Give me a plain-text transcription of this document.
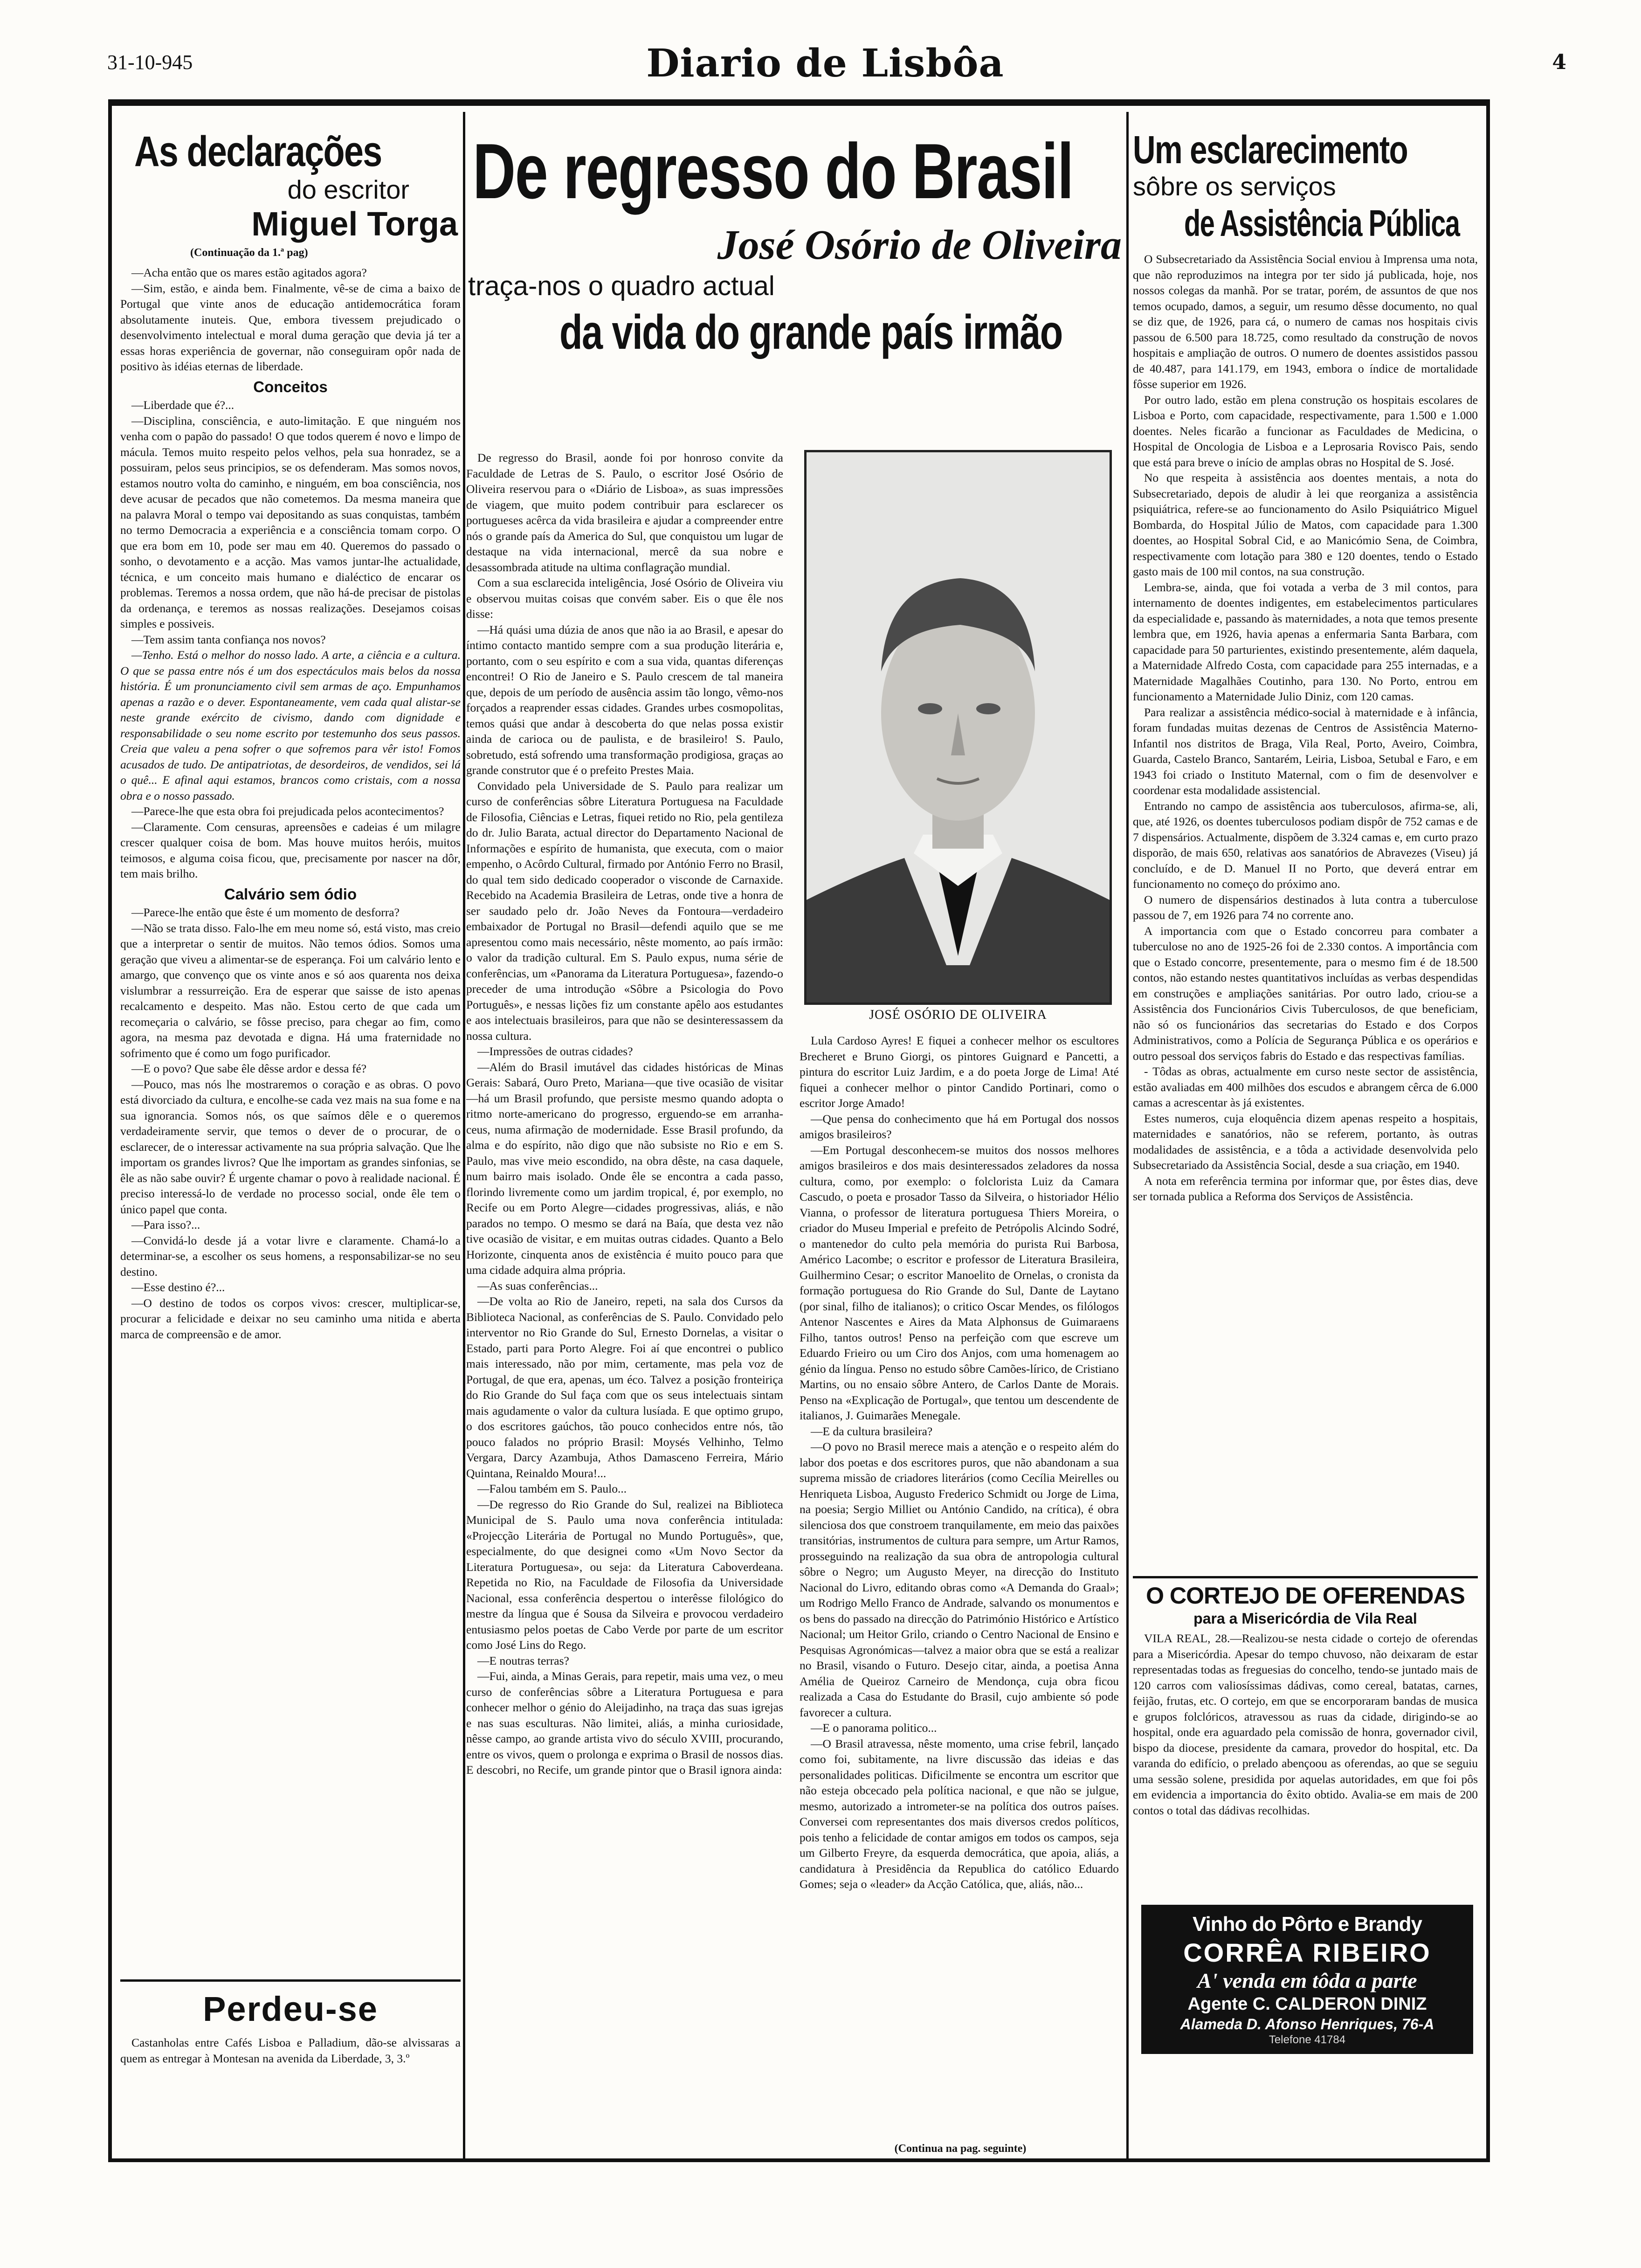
31-10-945	Diario de Lisbôa	4
As declarações
do escritor
Miguel Torga
(Continuação da 1.ª pag)

—Acha então que os mares estão agitados agora?

—Sim, estão, e ainda bem. Finalmente, vê-se de cima a baixo de Portugal que vinte anos de educação antidemocrática foram absolutamente inuteis. Que, embora tivessem prejudicado o desenvolvimento intelectual e moral duma geração que devia já ter a essas horas experiência de governar, não conseguiram opôr nada de positivo às idéias eternas de liberdade.

Conceitos

—Liberdade que é?...

—Disciplina, consciência, e auto-limitação. E que ninguém nos venha com o papão do passado! O que todos querem é novo e limpo de mácula. Temos muito respeito pelos velhos, pela sua honradez, se a possuiram, pelos seus principios, se os defenderam. Mas somos novos, estamos noutro volta do caminho, e ninguém, em boa consciência, nos deve acusar de pecados que não cometemos. Da mesma maneira que na palavra Moral o tempo vai depositando as suas conquistas, também no termo Democracia a experiência e a consciência tomam corpo. O que era bom em 10, pode ser mau em 40. Queremos do passado o sonho, o devotamento e a acção. Mas vamos juntar-lhe actualidade, técnica, e um conceito mais humano e dialéctico de encarar os problemas. Teremos a nossa ordem, que não há-de precisar de pistolas da ordenança, e teremos as nossas realizações. Desejamos coisas simples e possiveis.

—Tem assim tanta confiança nos novos?

—Tenho. Está o melhor do nosso lado. A arte, a ciência e a cultura. O que se passa entre nós é um dos espectáculos mais belos da nossa história. É um pronunciamento civil sem armas de aço. Empunhamos apenas a razão e o dever. Espontaneamente, vem cada qual alistar-se neste grande exército de civismo, dando com dignidade e responsabilidade o seu nome escrito por testemunho dos seus passos. Creia que valeu a pena sofrer o que sofremos para vêr isto! Fomos acusados de tudo. De antipatriotas, de desordeiros, de vendidos, sei lá o quê... E afinal aqui estamos, brancos como cristais, com a nossa obra e o nosso passado.

—Parece-lhe que esta obra foi prejudicada pelos acontecimentos?

—Claramente. Com censuras, apreensões e cadeias é um milagre crescer qualquer coisa de bom. Mas houve muitos heróis, muitos teimosos, e alguma coisa ficou, que, precisamente por nascer na dôr, tem mais brilho.

Calvário sem ódio

—Parece-lhe então que êste é um momento de desforra?

—Não se trata disso. Falo-lhe em meu nome só, está visto, mas creio que a interpretar o sentir de muitos. Não temos ódios. Somos uma geração que viveu a alimentar-se de esperança. Foi um calvário lento e amargo, que convenço que os vinte anos e só aos quarenta nos deixa vislumbrar a ressurreição. Era de esperar que saisse de isto apenas recalcamento e despeito. Mas não. Estou certo de que cada um recomeçaria o calvário, se fôsse preciso, para chegar ao fim, como agora, na mesma paz devotada e digna. Há uma fraternidade no sofrimento que é como um fogo purificador.

—E o povo? Que sabe êle dêsse ardor e dessa fé?

—Pouco, mas nós lhe mostraremos o coração e as obras. O povo está divorciado da cultura, e encolhe-se cada vez mais na sua fome e na sua ignorancia. Somos nós, os que saímos dêle e o queremos verdadeiramente servir, que temos o dever de o procurar, de o esclarecer, de o interessar activamente na sua própria salvação. Que lhe importam os grandes livros? Que lhe importam as grandes sinfonias, se êle as não sabe ouvir? É urgente chamar o povo à realidade nacional. É preciso interessá-lo de verdade no processo social, onde êle tem o único papel que conta.

—Para isso?...

—Convidá-lo desde já a votar livre e claramente. Chamá-lo a determinar-se, a escolher os seus homens, a responsabilizar-se no seu destino.

—Esse destino é?...

—O destino de todos os corpos vivos: crescer, multiplicar-se, procurar a felicidade e deixar no seu caminho uma nitida e aberta marca de compreensão e de amor.

Perdeu-se
Castanholas entre Cafés Lisboa e Palladium, dão-se alvissaras a quem as entregar à Montesan na avenida da Liberdade, 3, 3.º
De regresso do Brasil
José Osório de Oliveira
traça-nos o quadro actual
da vida do grande país irmão

De regresso do Brasil, aonde foi por honroso convite da Faculdade de Letras de S. Paulo, o escritor José Osório de Oliveira reservou para o «Diário de Lisboa», as suas impressões de viagem, que muito podem contribuir para esclarecer os portugueses acêrca da vida brasileira e ajudar a compreender entre nós o grande país da America do Sul, que conquistou um lugar de destaque na vida internacional, mercê da sua nobre e desassombrada atitude na ultima conflagração mundial.

Com a sua esclarecida inteligência, José Osório de Oliveira viu e observou muitas coisas que convém saber. Eis o que êle nos disse:

—Há quási uma dúzia de anos que não ia ao Brasil, e apesar do íntimo contacto mantido sempre com a sua produção literária e, portanto, com o seu espírito e com a sua vida, quantas diferenças encontrei! O Rio de Janeiro e S. Paulo crescem de tal maneira que, depois de um período de ausência assim tão longo, vêmo-nos forçados a reaprender essas cidades. Grandes urbes cosmopolitas, temos quási que andar à descoberta do que nelas possa existir ainda de carioca ou de paulista, e de brasileiro! S. Paulo, sobretudo, está sofrendo uma transformação prodigiosa, graças ao grande construtor que é o prefeito Prestes Maia.

Convidado pela Universidade de S. Paulo para realizar um curso de conferências sôbre Literatura Portuguesa na Faculdade de Filosofia, Ciências e Letras, fiquei retido no Rio, pela gentileza do dr. Julio Barata, actual director do Departamento Nacional de Informações e espírito de humanista, que executa, com o maior empenho, o Acôrdo Cultural, firmado por António Ferro no Brasil, do qual tem sido dedicado cooperador o visconde de Carnaxide. Recebido na Academia Brasileira de Letras, onde tive a honra de ser saudado pelo dr. João Neves da Fontoura—verdadeiro embaixador de Portugal no Brasil—defendi aquilo que se me apresentou como mais necessário, nêste momento, ao país irmão: o valor da tradição cultural. Em S. Paulo expus, numa série de conferências, um «Panorama da Literatura Portuguesa», fazendo-o preceder de uma introdução «Sôbre a Psicologia do Povo Português», e nessas lições fiz um constante apêlo aos estudantes e aos intelectuais brasileiros, para que não se desinteressassem da nossa cultura.

—Impressões de outras cidades?

—Além do Brasil imutável das cidades históricas de Minas Gerais: Sabará, Ouro Preto, Mariana—que tive ocasião de visitar—há um Brasil profundo, que persiste mesmo quando adopta o ritmo norte-americano do progresso, erguendo-se em arranha-ceus, numa afirmação de modernidade. Esse Brasil profundo, da alma e do espírito, não digo que não subsiste no Rio e em S. Paulo, mas vive meio escondido, na obra dêste, na casa daquele, num bairro mais isolado. Onde êle se encontra a cada passo, florindo livremente como um jardim tropical, é, por exemplo, no Recife ou em Porto Alegre—cidades progressivas, aliás, e não parados no tempo. O mesmo se dará na Baía, que desta vez não tive ocasião de visitar, e em muitas outras cidades. Quanto a Belo Horizonte, cinquenta anos de existência é muito pouco para que uma cidade adquira alma própria.

—As suas conferências...

—De volta ao Rio de Janeiro, repeti, na sala dos Cursos da Biblioteca Nacional, as conferências de S. Paulo. Convidado pelo interventor no Rio Grande do Sul, Ernesto Dornelas, a visitar o Estado, parti para Porto Alegre. Foi aí que encontrei o publico mais interessado, não por mim, certamente, mas pela voz de Portugal, de que era, apenas, um éco. Talvez a posição fronteiriça do Rio Grande do Sul faça com que os seus intelectuais sintam mais agudamente o valor da cultura lusíada. E que optimo grupo, o dos escritores gaúchos, tão pouco conhecidos entre nós, tão pouco falados no próprio Brasil: Moysés Velhinho, Telmo Vergara, Darcy Azambuja, Athos Damasceno Ferreira, Mário Quintana, Reinaldo Moura!...

—Falou também em S. Paulo...

—De regresso do Rio Grande do Sul, realizei na Biblioteca Municipal de S. Paulo uma nova conferência intitulada: «Projecção Literária de Portugal no Mundo Português», que, especialmente, do que designei como «Um Novo Sector da Literatura Portuguesa», ou seja: da Literatura Caboverdeana. Repetida no Rio, na Faculdade de Filosofia da Universidade Nacional, essa conferência despertou o interêsse filológico do mestre da língua que é Sousa da Silveira e provocou verdadeiro entusiasmo pelos poetas de Cabo Verde por parte de um escritor como José Lins do Rego.

—E noutras terras?

—Fui, ainda, a Minas Gerais, para repetir, mais uma vez, o meu curso de conferências sôbre a Literatura Portuguesa e para conhecer melhor o génio do Aleijadinho, na traça das suas igrejas e nas suas esculturas. Não limitei, aliás, a minha curiosidade, nêsse campo, ao grande artista vivo do século XVIII, procurando, entre os vivos, quem o prolonga e exprima o Brasil de nossos dias. E descobri, no Recife, um grande pintor que o Brasil ignora ainda:

JOSÉ OSÓRIO DE OLIVEIRA

Lula Cardoso Ayres! E fiquei a conhecer melhor os escultores Brecheret e Bruno Giorgi, os pintores Guignard e Pancetti, a pintura do escritor Luiz Jardim, e a do poeta Jorge de Lima! Até fiquei a conhecer melhor o pintor Candido Portinari, como o escritor Jorge Amado!

—Que pensa do conhecimento que há em Portugal dos nossos amigos brasileiros?

—Em Portugal desconhecem-se muitos dos nossos melhores amigos brasileiros e dos mais desinteressados zeladores da nossa cultura, como, por exemplo: o folclorista Luiz da Camara Cascudo, o poeta e prosador Tasso da Silveira, o historiador Hélio Vianna, o professor de literatura portuguesa Thiers Moreira, o criador do Museu Imperial e prefeito de Petrópolis Alcindo Sodré, o mantenedor do culto pela memória do purista Rui Barbosa, Américo Lacombe; o escritor e professor de Literatura Brasileira, Guilhermino Cesar; o escritor Manoelito de Ornelas, o cronista da formação portuguesa do Rio Grande do Sul, Dante de Laytano (por sinal, filho de italianos); o critico Oscar Mendes, os filólogos Antenor Nascentes e Aires da Mata Alphonsus de Guimaraens Filho, tantos outros! Penso na perfeição com que escreve um Eduardo Frieiro ou um Ciro dos Anjos, com uma homenagem ao génio da língua. Penso no estudo sôbre Camões-lírico, de Cristiano Martins, ou no ensaio sôbre Antero, de Carlos Dante de Morais. Penso na «Explicação de Portugal», que tentou um descendente de italianos, J. Guimarães Menegale.

—E da cultura brasileira?

—O povo no Brasil merece mais a atenção e o respeito além do labor dos poetas e dos escritores puros, que não abandonam a sua suprema missão de criadores literários (como Cecília Meirelles ou Henriqueta Lisboa, Augusto Frederico Schmidt ou Jorge de Lima, na poesia; Sergio Milliet ou António Candido, na crítica), é obra silenciosa dos que constroem tranquilamente, em meio das paixões transitórias, instrumentos de cultura para sempre, um Artur Ramos, prosseguindo na realização da sua obra de antropologia cultural sôbre o Negro; um Augusto Meyer, na direcção do Instituto Nacional do Livro, editando obras como «A Demanda do Graal»; um Rodrigo Mello Franco de Andrade, salvando os monumentos e os bens do passado na direcção do Património Histórico e Artístico Nacional; um Heitor Grilo, criando o Centro Nacional de Ensino e Pesquisas Agronómicas—talvez a maior obra que se está a realizar no Brasil, visando o Futuro. Desejo citar, ainda, a poetisa Anna Amélia de Queiroz Carneiro de Mendonça, cuja obra ficou realizada a Casa do Estudante do Brasil, cujo ambiente só pode favorecer a cultura.

—E o panorama politico...

—O Brasil atravessa, nêste momento, uma crise febril, lançado como foi, subitamente, na livre discussão das ideias e das personalidades politicas. Dificilmente se encontra um escritor que não esteja obcecado pela política nacional, e que não se julgue, mesmo, autorizado a intrometer-se na política dos outros países. Conversei com representantes dos mais diversos credos políticos, pois tenho a felicidade de contar amigos em todos os campos, seja um Gilberto Freyre, da esquerda democrática, que apoia, aliás, a candidatura à Presidência da Republica do católico Eduardo Gomes; seja o «leader» da Acção Católica, que, aliás, não...

(Continua na pag. seguinte)
Um esclarecimento
sôbre os serviços
de Assistência Pública

O Subsecretariado da Assistência Social enviou à Imprensa uma nota, que não reproduzimos na integra por ter sido já publicada, hoje, nos nossos colegas da manhã. Por se tratar, porém, de assuntos de que nos temos ocupado, damos, a seguir, um resumo dêsse documento, no qual se diz que, de 1926, para cá, o numero de camas nos hospitais civis passou de 6.500 para 18.725, como resultado da construção de novos hospitais e ampliação de outros. O numero de doentes assistidos passou de 40.487, para 141.179, em 1943, embora o índice de mortalidade fôsse superior em 1926.

Por outro lado, estão em plena construção os hospitais escolares de Lisboa e Porto, com capacidade, respectivamente, para 1.500 e 1.000 doentes. Neles ficarão a funcionar as Faculdades de Medicina, o Hospital de Oncologia de Lisboa e a Leprosaria Rovisco Pais, sendo que está para breve o início de amplas obras no Hospital de S. José.

No que respeita à assistência aos doentes mentais, a nota do Subsecretariado, depois de aludir à lei que reorganiza a assistência psiquiátrica, refere-se ao funcionamento do Asilo Psiquiátrico Miguel Bombarda, do Hospital Júlio de Matos, com capacidade para 1.300 doentes, ao Hospital Sobral Cid, e ao Manicómio Sena, de Coimbra, respectivamente com lotação para 380 e 120 doentes, tendo o Estado gasto mais de 100 mil contos, na sua construção.

Lembra-se, ainda, que foi votada a verba de 3 mil contos, para internamento de doentes indigentes, em estabelecimentos particulares da especialidade e, passando às maternidades, a nota que temos presente lembra que, em 1926, havia apenas a enfermaria Santa Barbara, com capacidade para 50 parturientes, existindo presentemente, além daquela, a Maternidade Alfredo Costa, com capacidade para 255 internadas, e a Maternidade Magalhães Coutinho, para 130. No Porto, entrou em funcionamento a Maternidade Julio Diniz, com 120 camas.

Para realizar a assistência médico-social à maternidade e à infância, foram fundadas muitas dezenas de Centros de Assistência Materno-Infantil nos distritos de Braga, Vila Real, Porto, Aveiro, Coimbra, Guarda, Castelo Branco, Santarém, Leiria, Lisboa, Setubal e Faro, e em 1943 foi criado o Instituto Maternal, com o fim de desenvolver e coordenar esta modalidade assistencial.

Entrando no campo de assistência aos tuberculosos, afirma-se, ali, que, até 1926, os doentes tuberculosos podiam dispôr de 752 camas e de 7 dispensários. Actualmente, dispõem de 3.324 camas e, em curto prazo disporão, de mais 650, relativas aos sanatórios de Abravezes (Viseu) já concluído, e de D. Manuel II no Porto, que deverá entrar em funcionamento no começo do próximo ano.

O numero de dispensários destinados à luta contra a tuberculose passou de 7, em 1926 para 74 no corrente ano.

A importancia com que o Estado concorreu para combater a tuberculose no ano de 1925-26 foi de 2.330 contos. A importância com que o Estado concorre, presentemente, para o mesmo fim é de 18.500 contos, não estando nestes quantitativos incluídas as verbas despendidas em construções e ampliações sanitárias. Por outro lado, criou-se a Assistência dos Funcionários Civis Tuberculosos, de que beneficiam, não só os funcionários das secretarias do Estado e dos Corpos Administrativos, como a Polícia de Segurança Pública e os operários e outro pessoal dos serviços fabris do Estado e das respectivas famílias.

- Tôdas as obras, actualmente em curso neste sector de assistência, estão avaliadas em 400 milhões dos escudos e abrangem cêrca de 6.000 camas a acrescentar às já existentes.

Estes numeros, cuja eloquência dizem apenas respeito a hospitais, maternidades e sanatórios, não se referem, portanto, às outras modalidades de assistência, e a tôda a actividade desenvolvida pelo Subsecretariado da Assistência Social, desde a sua criação, em 1940.

A nota em referência termina por informar que, por êstes dias, deve ser tornada publica a Reforma dos Serviços de Assistência.

O CORTEJO DE OFERENDAS
para a Misericórdia de Vila Real
VILA REAL, 28.—Realizou-se nesta cidade o cortejo de oferendas para a Misericórdia. Apesar do tempo chuvoso, não deixaram de estar representadas todas as freguesias do concelho, tendo-se juntado mais de 120 carros com valiosíssimas dádivas, como cereal, batatas, carnes, feijão, frutas, etc. O cortejo, em que se encorporaram bandas de musica e grupos folclóricos, atravessou as ruas da cidade, dirigindo-se ao hospital, onde era aguardado pela comissão de honra, governador civil, bispo da diocese, presidente da camara, provedor do hospital, etc. Da varanda do edifício, o prelado abençoou as oferendas, ao que se seguiu uma sessão solene, presidida por aquelas autoridades, em que foi pôs em evidencia a importancia do êxito obtido. Avalia-se em mais de 200 contos o total das dádivas recolhidas.
Vinho do Pôrto e Brandy
CORRÊA RIBEIRO
A' venda em tôda a parte
Agente C. CALDERON DINIZ
Alameda D. Afonso Henriques, 76-A
Telefone 41784
